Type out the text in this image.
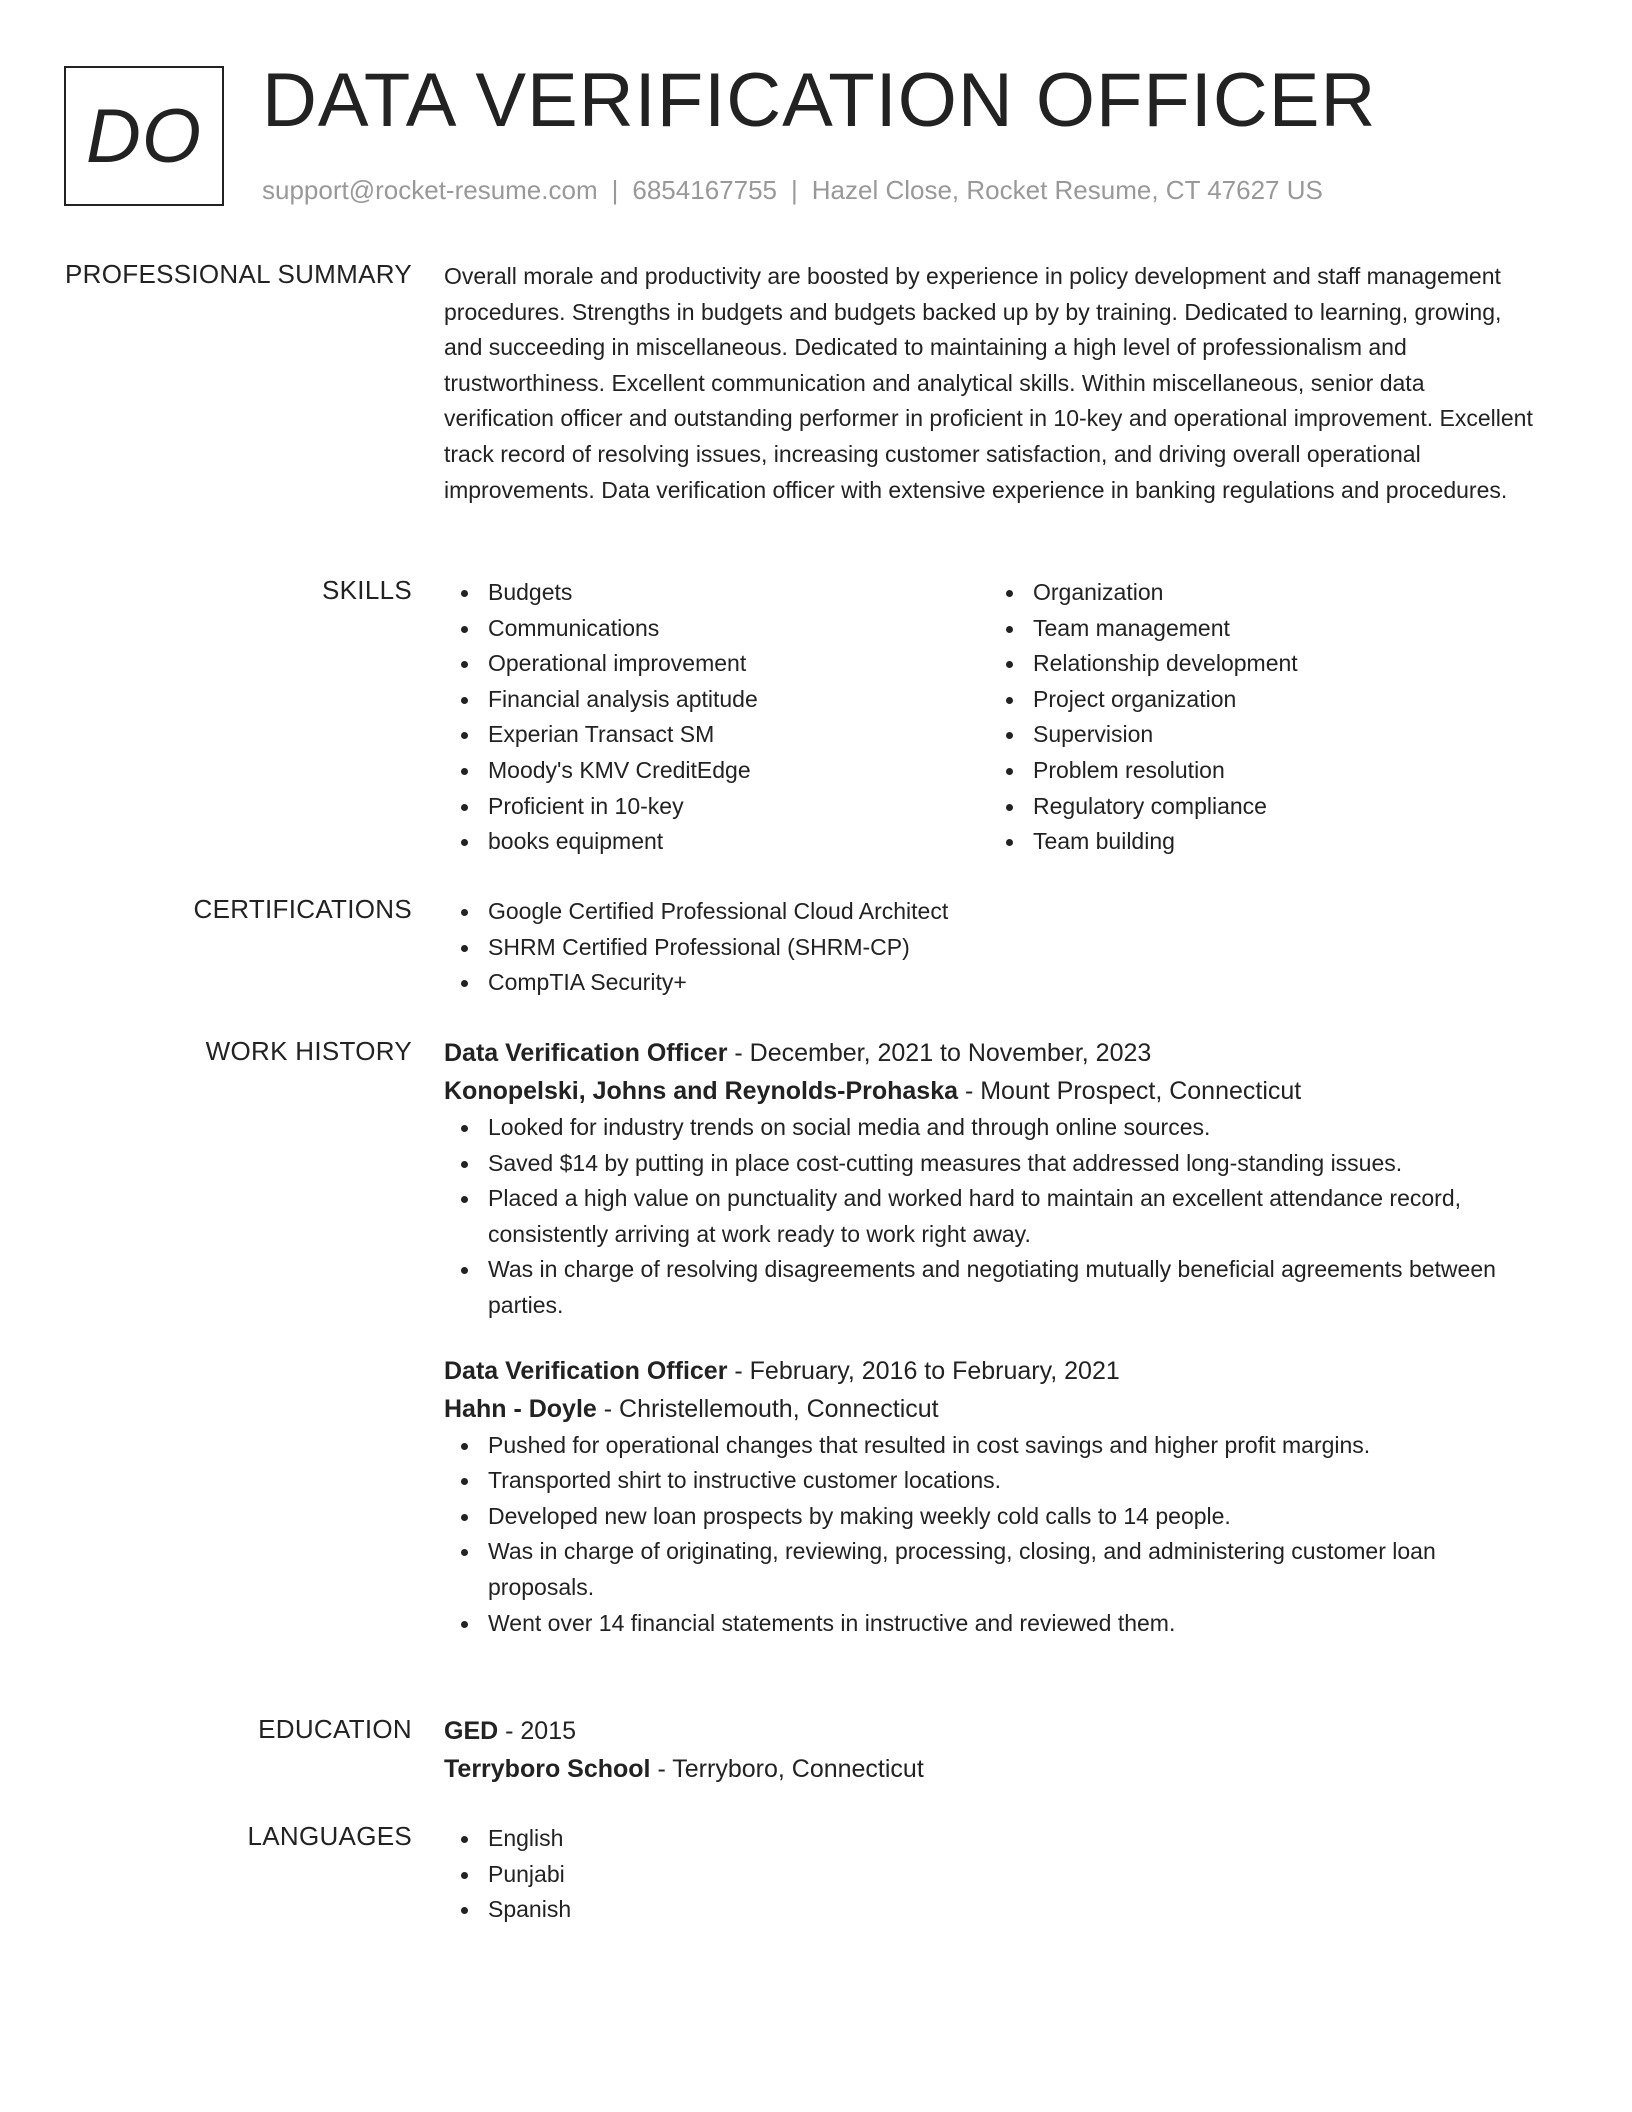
DO DATA VERIFICATION OFFICER
support@rocket-resume.com | 6854167755 | Hazel Close, Rocket Resume, CT 47627 US
PROFESSIONAL SUMMARY Overall morale and productivity are boosted by experience in policy development and staff management procedures. Strengths in budgets and budgets backed up by by training. Dedicated to learning, growing, and succeeding in miscellaneous. Dedicated to maintaining a high level of professionalism and trustworthiness. Excellent communication and analytical skills. Within miscellaneous, senior data verification officer and outstanding performer in proficient in 10-key and operational improvement. Excellent track record of resolving issues, increasing customer satisfaction, and driving overall operational improvements. Data verification officer with extensive experience in banking regulations and procedures.

SKILLS	Budgets
Communications
Operational improvement
Financial analysis aptitude
Experian Transact SM
Moody's KMV CreditEdge
Proficient in 10-key
books equipment
Organization
Team management
Relationship development
Project organization
Supervision
Problem resolution
Regulatory compliance
Team building
CERTIFICATIONS	Google Certified Professional Cloud Architect
SHRM Certified Professional (SHRM-CP)
CompTIA Security+
WORK HISTORY Data Verification Officer - December, 2021 to November, 2023
Konopelski, Johns and Reynolds-Prohaska - Mount Prospect, Connecticut
Looked for industry trends on social media and through online sources.
Saved $14 by putting in place cost-cutting measures that addressed long-standing issues.
Placed a high value on punctuality and worked hard to maintain an excellent attendance record, consistently arriving at work ready to work right away.
Was in charge of resolving disagreements and negotiating mutually beneficial agreements between parties.
Data Verification Officer - February, 2016 to February, 2021
Hahn - Doyle - Christellemouth, Connecticut
Pushed for operational changes that resulted in cost savings and higher profit margins.
Transported shirt to instructive customer locations.
Developed new loan prospects by making weekly cold calls to 14 people.
Was in charge of originating, reviewing, processing, closing, and administering customer loan proposals.
Went over 14 financial statements in instructive and reviewed them.
EDUCATION GED - 2015
Terryboro School - Terryboro, Connecticut
LANGUAGES	English
Punjabi
Spanish
